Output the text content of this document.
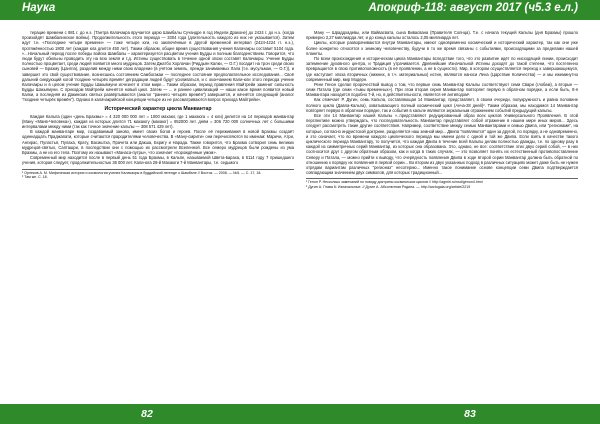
Наука	Апокриф-118: август 2017 (ч5.3 е.л.)

терацие времени с 881 г. до н.э. (Тантра Калачакра вручается царю Шамбалы Сучандре в год Индели Драконе) до 2424 г. до н.э. (когда произойдёт Шамбалинское войны). Продолжительность этого периода — 3304 года (длительность каждого из них не указывается). Затем идут т.н. «Последние четыре времени» — тоже четыре юги, но заключённые в другой временной интервал (2424-4224 гг. н.э.), протяжённостью 1800 лет (каждая юга длится 450 лет). Таким образом, общее время существования учения Калачакры составит 5104 года. «...Начальный период после победы войска Шамбалы – характеризуется расцветом учения Будды и полным благоденствием. Говорится, что люди будут обильны проводить эту на всю земля и т.д. Истины существовать в течение одной эпохи составят Калачакры. Учение Будды полностью процветает, среди людей появится много мудрецов. Затем Джатбо Хорлачан (Риддьян Калки, — О.Г.) посадит на трон среди своих сыновей — Брахму (Цангпа), разделив между ними свою владение (в учётом земель, прежде занимаемых Лала (т.е. мусульман, — О.Г.)), и завершит это свой существование, вознесшись состоянием Самбогакаи — последнее состояние предполагательное исследования... Своё дальний сиедующий когой 'поздние четырёх времён' деградации людей будут усиливаться, и с окончанием Кали-юги этого периода учение Калачакры и в целом учение Будды Шакьямуни исчезнет в этом мире... Таким образом, период правления Майтрейи заменит сильность Будды Шакьямуни. С приходом Майтрейи начнётся новый цикл. Затем — ... и раннее цивилизаций — наши какое время появится новый Калки, а последняя из Дакинских святых развёртываются (аналог "раннего четырёх времён") завершится, и начнётся следующий (аналог "поздние четырёх времён"). Однако в калачакрийской концепции четыре из не рассматриваются вопрос прихода Майтрейи».

Исторический характер цикла Манвантар

Каждая Кальпа (один «день Брахмы» = 4 320 000 000 лет = 1000 махаюг, где 1 махаюга = 4 юги) делится на 14 периодов манвантар (Ману «Манв-Человека»), каждая из которых длится 71 махаюгу (махаюг) = 852000 лет. днём = 306 720 000 солнечных лет с большими интервалами между ними (так как точное значение кальпы — 308 571 429 лет).

В каждой манвантаре мир, создаваемый заново, имеет своих богов и героев. После её переживания в новой Брахмы создаёт одиннадцать Праджапати, которые считаются прародителями человечества. В «Ману-смрити» они перечисляются по именам: Маричи, Атри, Ангирас, Пуластья, Пулаха, Крату, Васиштха, Прачета или Дакша, Бхригу и Нарада. Также говорится, что Брахма сотворил семь великих мудрецов-святых, Сапташри, в последствии они с помощью их рассмотрели Вселенной. Все семеро мудрецов были рождены из ума Брахмы, а не из его тела. Поэтому их называют «Манаса-путры», что означает «порождённые умом».

Современный мир находится после в первый день 51 года Брахмы, в Кальпе, называемой Швета-вараха, в 5114 году 7 пришедшего учения, которая следует, продолжительностью 36 000 лет. Кали-юга 28-й Махаюги 7-й Манвантары, т.е. седьмого

¹ Орлеков А. М. Мифическая история и космология учения Калачакры в буддийской легенде о Шамбале // Восток. — 2008. — №5. — С. 17, 18.
² Там же. С. 18.

Ману — Шраддхадевы, или Вайвасвата, сына Вивасвана (Правителя Солнца). Т.е. с начала текущей Кальпы (дня Брахмы) прошло примерно 2,27 миллиарда лет, и до конца кальпы осталось 2,05 миллиарда лет.

Циклы, которые разворачиваются внутри Манвантары, имеют одновременно космический и исторический характер, так как они уже более конкретно относятся к земному человечеству, будучи в то же время связаны с событиями, происходящими за пределами нашей планеты.

По всем происхождения и историческом цикла Манвантары вследствие того, что это развитие идёт по нисходящей линии, происходит затемнение духовного центра, и Традиция утрачивается. Древнейшие Изначальной Истины доходят до такой степени, что постепенно превращается в свою противоположность (в её проявлении, а не в сущности). Мир, в котором осуществляется переход к завершающемуся, где наступает эпоха вторичных (нижних, в т.ч. материальных) истин, являются наноси Лена (Царствие Количества) — и мы ежеминутно современный мир, мир Модерн.

Рене Генон сделал пророчествой вывод о том, что первые семь Манвантар Кальпы соответствуют семи Свари (глобам), а вторые — семи Патала (где семи «тьмы временных»). При этом вторая серия Манвантар повторяет первую в обратном порядке, а если быть, 8-я Манвантара находится подобно 7-й, но, в действительности, является её антиподом¹.

Как отмечает Р. Дугин, семь Кальпа, составляющая 14 Манвантар, представляет, в своем очереди, полукружность и равна половине полного цикла (Давла-Кальпа), охватывающего полный космический цикл (Анча-28 дней)². Таким образом, мы находимся 14 Манвантар повторяет первую в обратном порядке, так и события в кальпе являются зеркальным отражением событий предыдущей кальпы.

Все эти 14 Манвантар нашей Кальпы «..представляют редуцированный образ всех циклов Универсального Проявления. В этой перспективе можно утверждать, что последовательность Манвантар представляет собой отражение в нашем мире иных миров... Здесь следует рассмотреть такие другие соответствия. Например, соответствие между семью Манвантарами и семью Двипа, или "регионами", на которые, согласно индуистской доктрине, разделяется наш земной мир... Двипа "появляются" один за другой, по порядку, а не одновременно, и это означает, что во времени каждого циклического периода мы имеем дело с одной и той же Двипа. Если взять в качестве такого циклического периода Манвантару, то получится, что каждая Двипа в течение всей Кальпы делам полностью дважды, т.е. по одному разу в каждой из симметричных серий Манвантар, из которых она образована. Это, однако, не все: соответствие этих двух серий собой, — в них соотносится друг с другом обратным образом, как и когда в таких случаях, — это позволяет понять их естественный противопоставление Северу и Патала, — можно прийти к выводу, что очерёдность появления Двипа в ходе второй серии Манвантар должна быть обратной по отношению к порядку их появления в первой серии... Во втором из двух указанных подход в различных ситуациях может даже быть не нужен отрядам вариантам различных "регионах" несотерию... Именно такое понимание основе концепции семи Двипа подтверждается совпадающим значением двух символов, для которых традиционный...

¹ Генон Р. Несколько замечаний по поводу доктрины космических циклов // http://agmiri.ru/nsd/genon4.html
² Дугин А. Глава 6: Изначальные. // Дугин А. Абсолютная Родина. — http://arctogaia.org/article/2219
82	83
